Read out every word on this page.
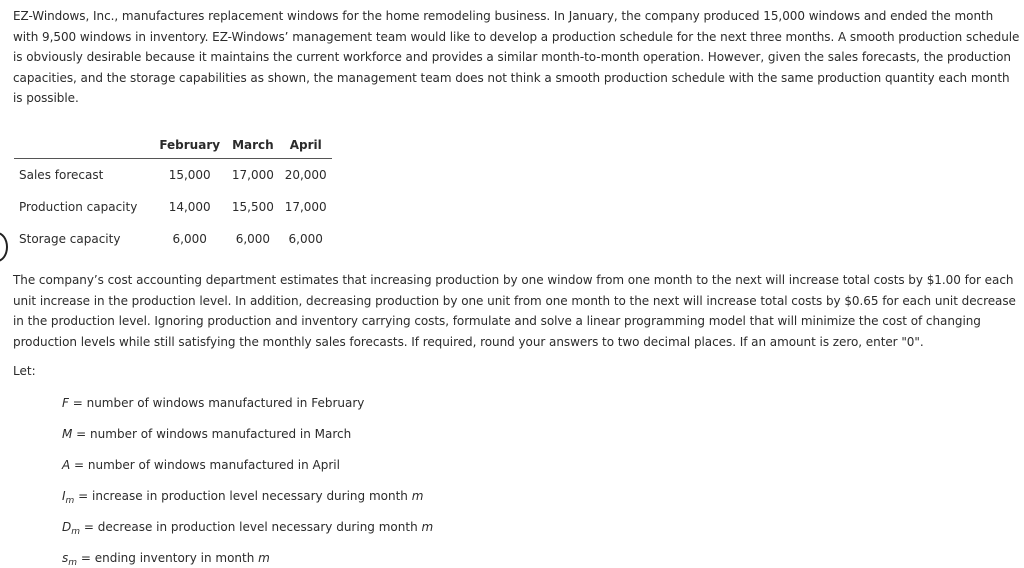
EZ-Windows, Inc., manufactures replacement windows for the home remodeling business. In January, the company produced 15,000 windows and ended the month with 9,500 windows in inventory. EZ-Windows’ management team would like to develop a production schedule for the next three months. A smooth production schedule is obviously desirable because it maintains the current workforce and provides a similar month-to-month operation. However, given the sales forecasts, the production capacities, and the storage capabilities as shown, the management team does not think a smooth production schedule with the same production quantity each month is possible.
	February	March	April
Sales forecast	15,000	17,000	20,000
Production capacity	14,000	15,500	17,000
Storage capacity	6,000	6,000	6,000
The company’s cost accounting department estimates that increasing production by one window from one month to the next will increase total costs by $1.00 for each unit increase in the production level. In addition, decreasing production by one unit from one month to the next will increase total costs by $0.65 for each unit decrease in the production level. Ignoring production and inventory carrying costs, formulate and solve a linear programming model that will minimize the cost of changing production levels while still satisfying the monthly sales forecasts. If required, round your answers to two decimal places. If an amount is zero, enter "0".
Let:
F = number of windows manufactured in February
M = number of windows manufactured in March
A = number of windows manufactured in April
$I_m$ = increase in production level necessary during month m
$D_m$ = decrease in production level necessary during month m
$s_m$ = ending inventory in month m
